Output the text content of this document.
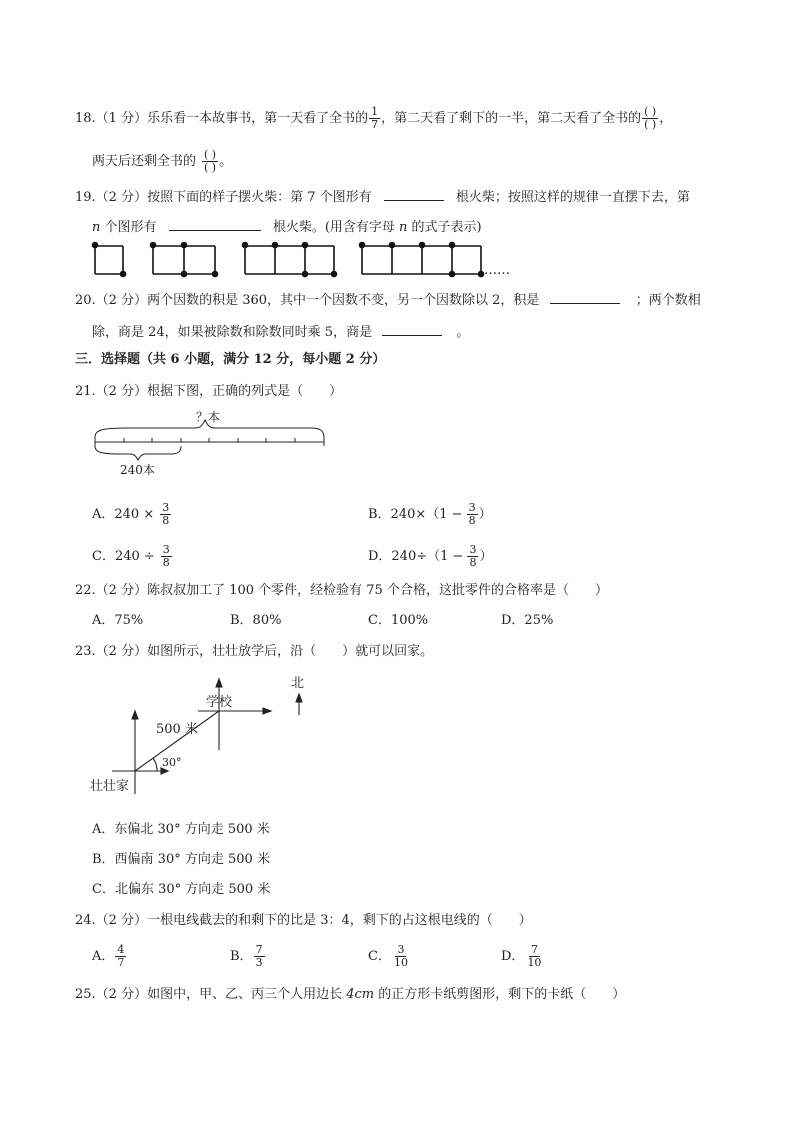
18.（1 分）乐乐看一本故事书，第一天看了全书的 $\frac{1}{7}$ ，第二天看了剩下的一半，第二天看了全书的 $\frac{( )}{( )}$ ，
两天后还剩全书的 $\frac{( )}{( )}$ 。
19.（2 分）按照下面的样子摆火柴：第 7 个图形有	根火柴；按照这样的规律一直摆下去，第
n 个图形有	根火柴。(用含有字母 n 的式子表示)
……
20.（2 分）两个因数的积是 360，其中一个因数不变，另一个因数除以 2，积是	；两个数相
除，商是 24，如果被除数和除数同时乘 5，商是	。
三．选择题（共 6 小题，满分 12 分，每小题 2 分）
21.（2 分）根据下图，正确的列式是（　　）
？本
240本
A．$240 \times \frac{3}{8}$	B．$240\times(1 - \frac{3}{8}$ ）
C．$240 \div \frac{3}{8}$	D．$240\div(1 - \frac{3}{8}$ ）
22.（2 分）陈叔叔加工了 100 个零件，经检验有 75 个合格，这批零件的合格率是（　　）
A．75%	B．80%	C．100%	D．25%
23.（2 分）如图所示，壮壮放学后，沿（　　）就可以回家。
学校
北
500 米
30°
壮壮家
A．东偏北 30° 方向走 500 米
B．西偏南 30° 方向走 500 米
C．北偏东 30° 方向走 500 米
24.（2 分）一根电线截去的和剩下的比是 3：4，剩下的占这根电线的（　　）
A． $\frac{4}{7}$	B． $\frac{7}{3}$	C． $\frac{3}{10}$	D． $\frac{7}{10}$
25.（2 分）如图中，甲、乙、丙三个人用边长 4cm 的正方形卡纸剪图形，剩下的卡纸（　　）
